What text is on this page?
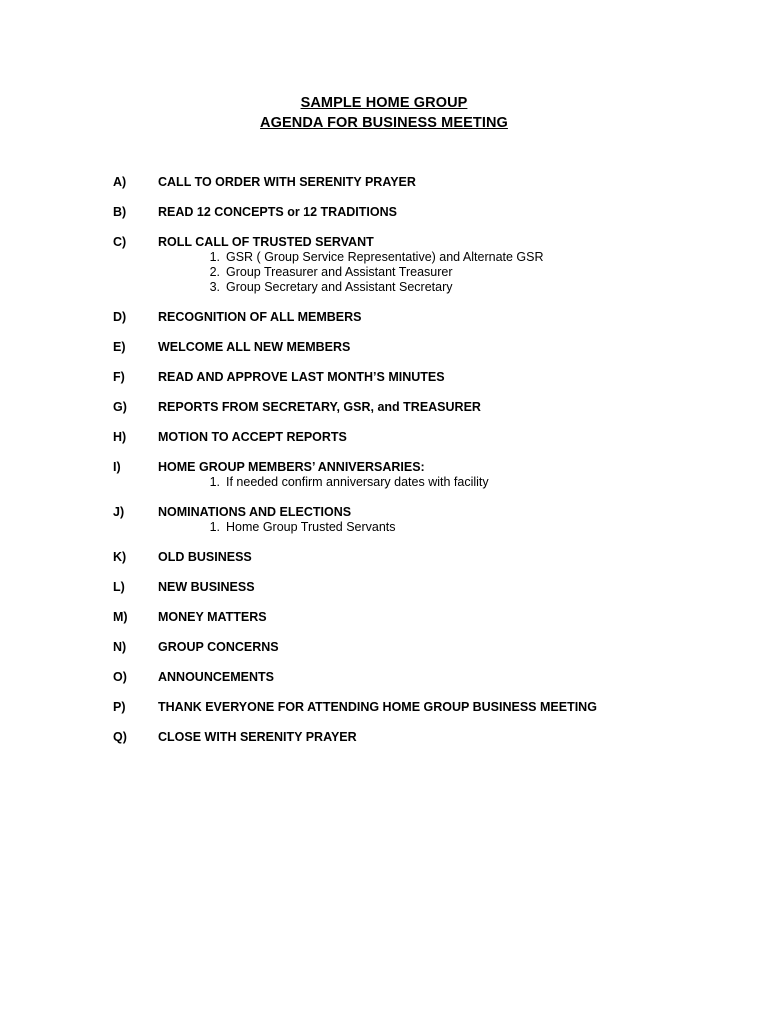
SAMPLE HOME GROUP
AGENDA FOR BUSINESS MEETING
A)	CALL TO ORDER WITH SERENITY PRAYER
B)	READ 12 CONCEPTS or 12 TRADITIONS
C)	ROLL CALL OF TRUSTED SERVANT
1. GSR ( Group Service Representative) and Alternate GSR
2. Group Treasurer and Assistant Treasurer
3. Group Secretary and Assistant Secretary
D)	RECOGNITION OF ALL MEMBERS
E)	WELCOME ALL NEW MEMBERS
F)	READ AND APPROVE LAST MONTH’S MINUTES
G) REPORTS FROM SECRETARY, GSR, and TREASURER
H)	MOTION TO ACCEPT REPORTS
I)	HOME GROUP MEMBERS’ ANNIVERSARIES:
1. If needed confirm anniversary dates with facility
J)	NOMINATIONS AND ELECTIONS
1. Home Group Trusted Servants
K)	OLD BUSINESS
L)	NEW BUSINESS
M) MONEY MATTERS
N)	GROUP CONCERNS
O) ANNOUNCEMENTS
P)	THANK EVERYONE FOR ATTENDING HOME GROUP BUSINESS MEETING
Q) CLOSE WITH SERENITY PRAYER
